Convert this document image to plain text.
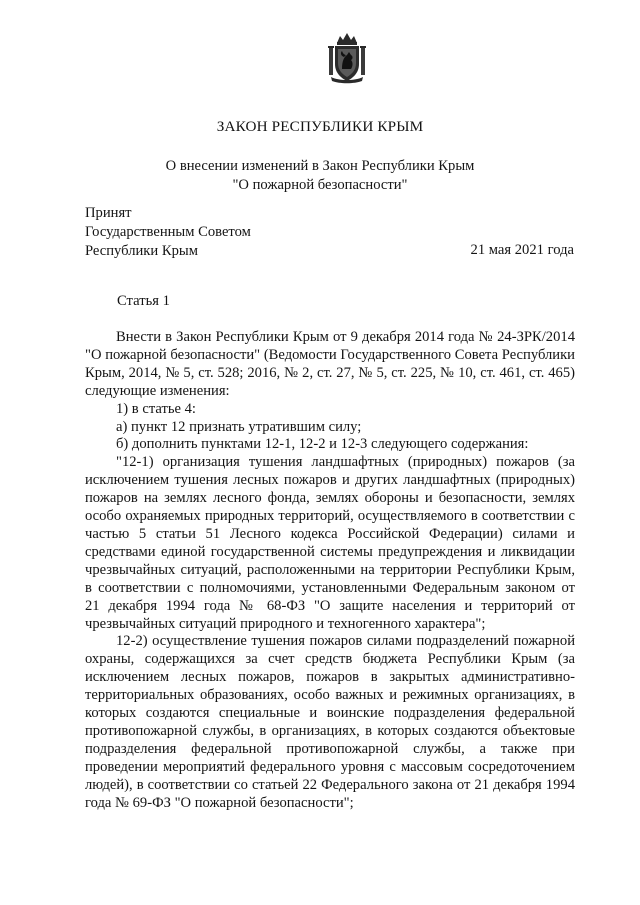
ЗАКОН РЕСПУБЛИКИ КРЫМ
О внесении изменений в Закон Республики Крым
"О пожарной безопасности"
Принят
Государственным Советом
Республики Крым	21 мая 2021 года
Статья 1

Внести в Закон Республики Крым от 9 декабря 2014 года № 24-ЗРК/2014 "О пожарной безопасности" (Ведомости Государственного Совета Республики Крым, 2014, № 5, ст. 528; 2016, № 2, ст. 27, № 5, ст. 225, № 10, ст. 461, ст. 465) следующие изменения:

1) в статье 4:

а) пункт 12 признать утратившим силу;

б) дополнить пунктами 12-1, 12-2 и 12-3 следующего содержания:

"12-1) организация тушения ландшафтных (природных) пожаров (за исключением тушения лесных пожаров и других ландшафтных (природных) пожаров на землях лесного фонда, землях обороны и безопасности, землях особо охраняемых природных территорий, осуществляемого в соответствии с частью 5 статьи 51 Лесного кодекса Российской Федерации) силами и средствами единой государственной системы предупреждения и ликвидации чрезвычайных ситуаций, расположенными на территории Республики Крым, в соответствии с полномочиями, установленными Федеральным законом от 21 декабря 1994 года № 68-ФЗ "О защите населения и территорий от чрезвычайных ситуаций природного и техногенного характера";

12-2) осуществление тушения пожаров силами подразделений пожарной охраны, содержащихся за счет средств бюджета Республики Крым (за исключением лесных пожаров, пожаров в закрытых административно-территориальных образованиях, особо важных и режимных организациях, в которых создаются специальные и воинские подразделения федеральной противопожарной службы, в организациях, в которых создаются объектовые подразделения федеральной противопожарной службы, а также при проведении мероприятий федерального уровня с массовым сосредоточением людей), в соответствии со статьей 22 Федерального закона от 21 декабря 1994 года № 69-ФЗ "О пожарной безопасности";
